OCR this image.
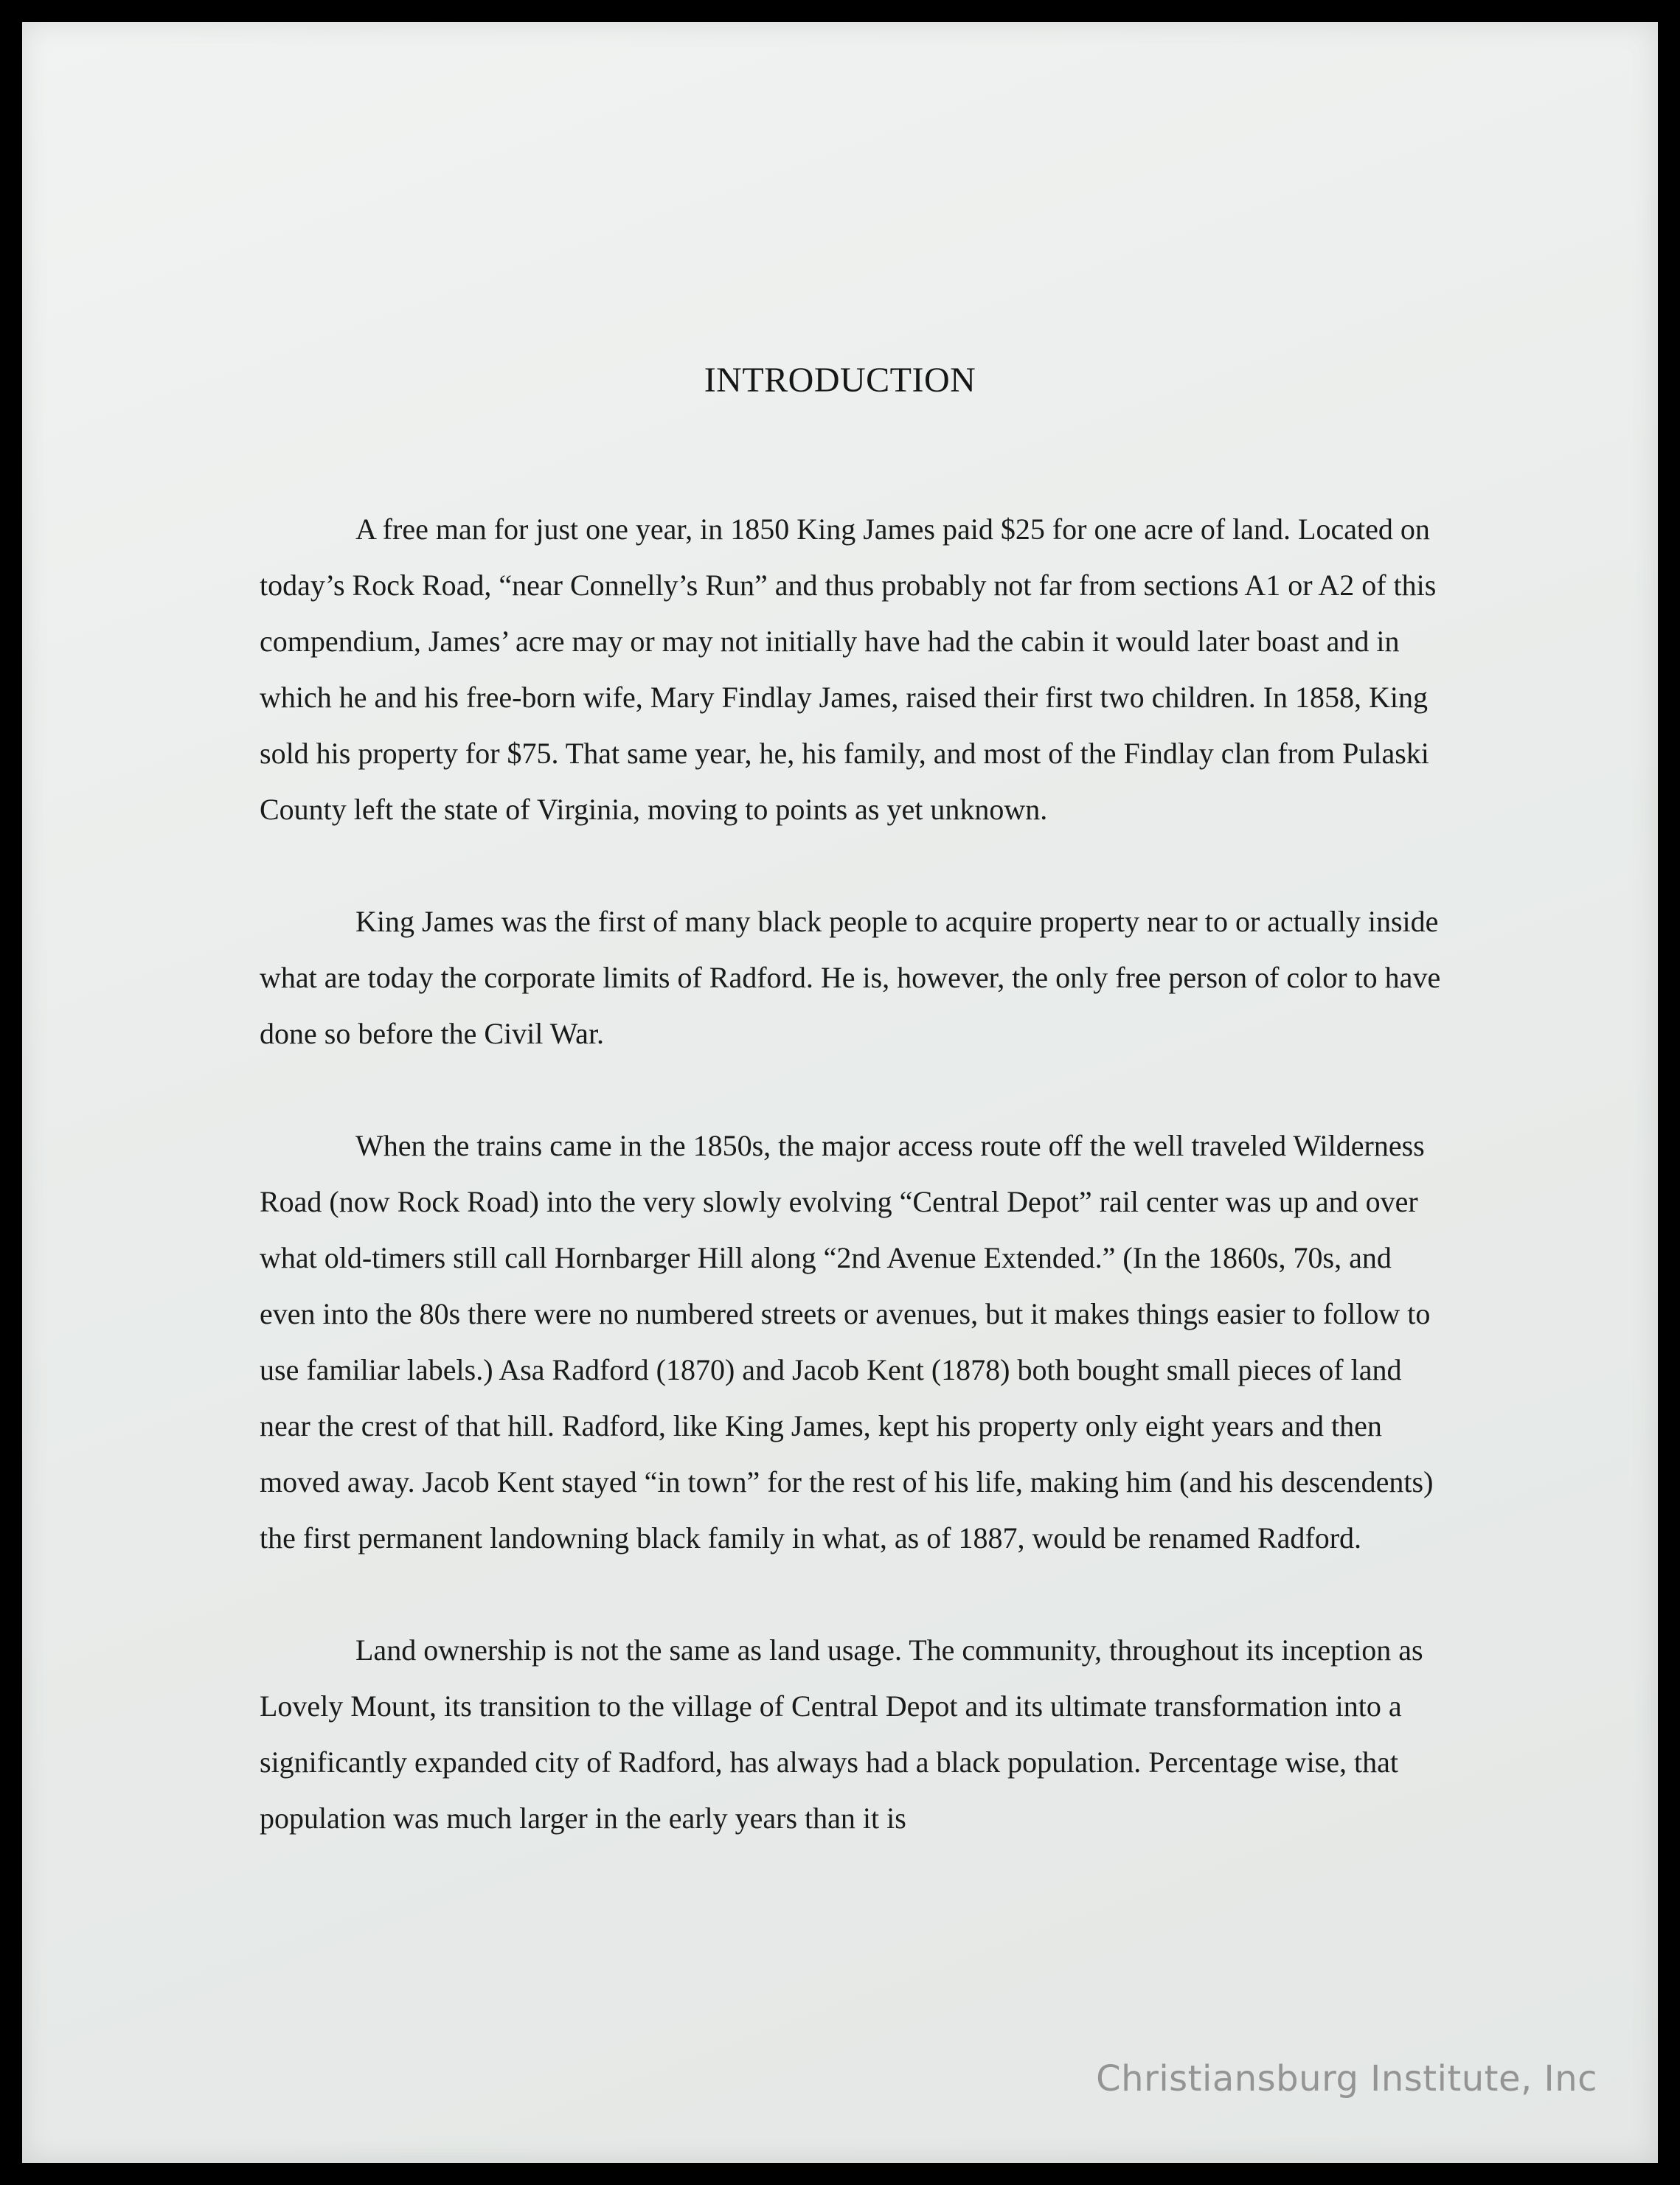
INTRODUCTION

A free man for just one year, in 1850 King James paid $25 for one acre of land. Located on today’s Rock Road, “near Connelly’s Run” and thus probably not far from sections A1 or A2 of this compendium, James’ acre may or may not initially have had the cabin it would later boast and in which he and his free-born wife, Mary Findlay James, raised their first two children. In 1858, King sold his property for $75. That same year, he, his family, and most of the Findlay clan from Pulaski County left the state of Virginia, moving to points as yet unknown.

King James was the first of many black people to acquire property near to or actually inside what are today the corporate limits of Radford. He is, however, the only free person of color to have done so before the Civil War.

When the trains came in the 1850s, the major access route off the well traveled Wilderness Road (now Rock Road) into the very slowly evolving “Central Depot” rail center was up and over what old-timers still call Hornbarger Hill along “2nd Avenue Extended.” (In the 1860s, 70s, and even into the 80s there were no numbered streets or avenues, but it makes things easier to follow to use familiar labels.) Asa Radford (1870) and Jacob Kent (1878) both bought small pieces of land near the crest of that hill. Radford, like King James, kept his property only eight years and then moved away. Jacob Kent stayed “in town” for the rest of his life, making him (and his descendents) the first permanent landowning black family in what, as of 1887, would be renamed Radford.

Land ownership is not the same as land usage. The community, throughout its inception as Lovely Mount, its transition to the village of Central Depot and its ultimate transformation into a significantly expanded city of Radford, has always had a black population. Percentage wise, that population was much larger in the early years than it is

Christiansburg Institute, Inc
